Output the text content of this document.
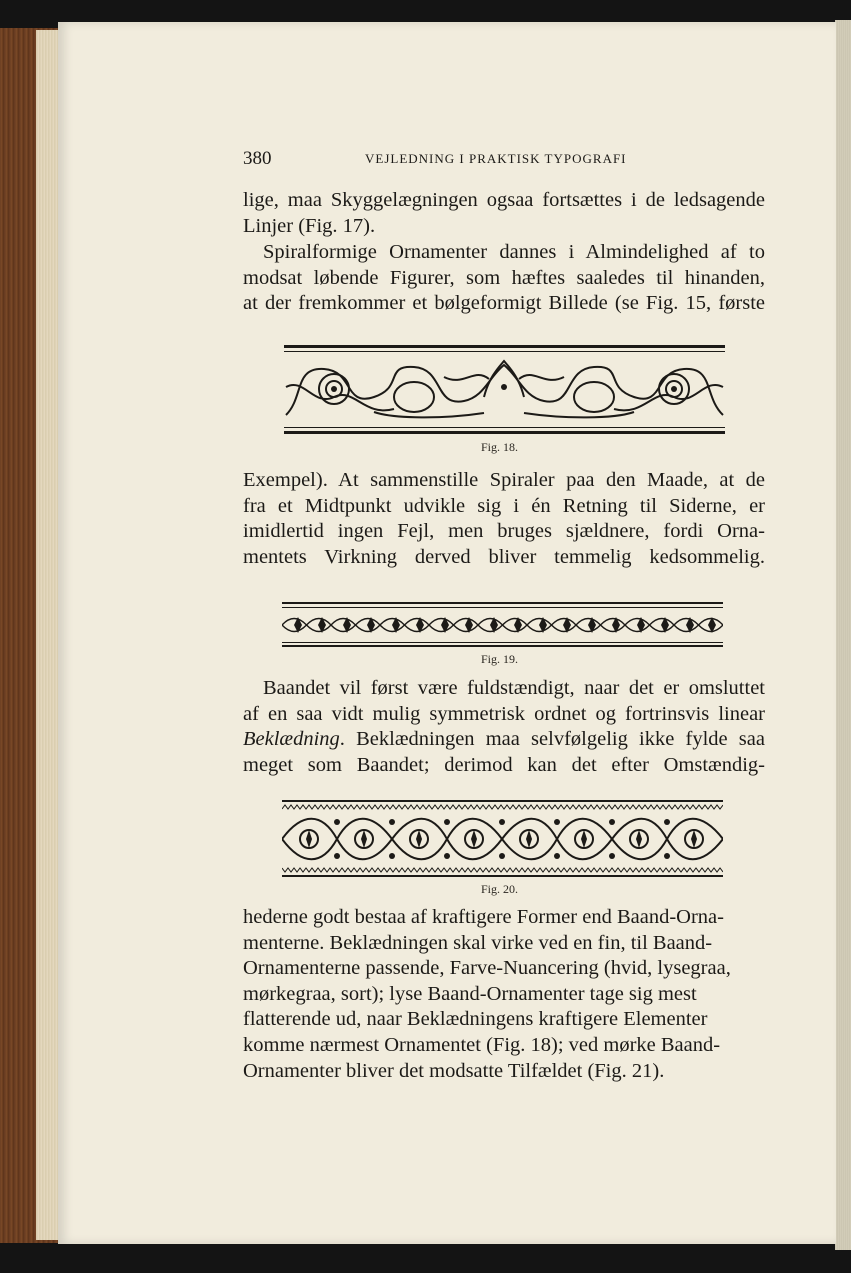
380	VEJLEDNING I PRAKTISK TYPOGRAFI
lige, maa Skyggelægningen ogsaa fortsættes i de ledsagende
Linjer (Fig. 17).
Spiralformige Ornamenter dannes i Almindelighed af to
modsat løbende Figurer, som hæftes saaledes til hinanden,
at der fremkommer et bølgeformigt Billede (se Fig. 15, første
Fig. 18.
Exempel). At sammenstille Spiraler paa den Maade, at de
fra et Midtpunkt udvikle sig i én Retning til Siderne, er
imidlertid ingen Fejl, men bruges sjældnere, fordi Orna-
mentets Virkning derved bliver temmelig kedsommelig.
Fig. 19.
Baandet vil først være fuldstændigt, naar det er omsluttet
af en saa vidt mulig symmetrisk ordnet og fortrinsvis linear
Beklædning. Beklædningen maa selvfølgelig ikke fylde saa
meget som Baandet; derimod kan det efter Omstændig-
Fig. 20.
hederne godt bestaa af kraftigere Former end Baand-Orna-
menterne. Beklædningen skal virke ved en fin, til Baand-
Ornamenterne passende, Farve-Nuancering (hvid, lysegraa,
mørkegraa, sort); lyse Baand-Ornamenter tage sig mest
flatterende ud, naar Beklædningens kraftigere Elementer
komme nærmest Ornamentet (Fig. 18); ved mørke Baand-
Ornamenter bliver det modsatte Tilfældet (Fig. 21).
